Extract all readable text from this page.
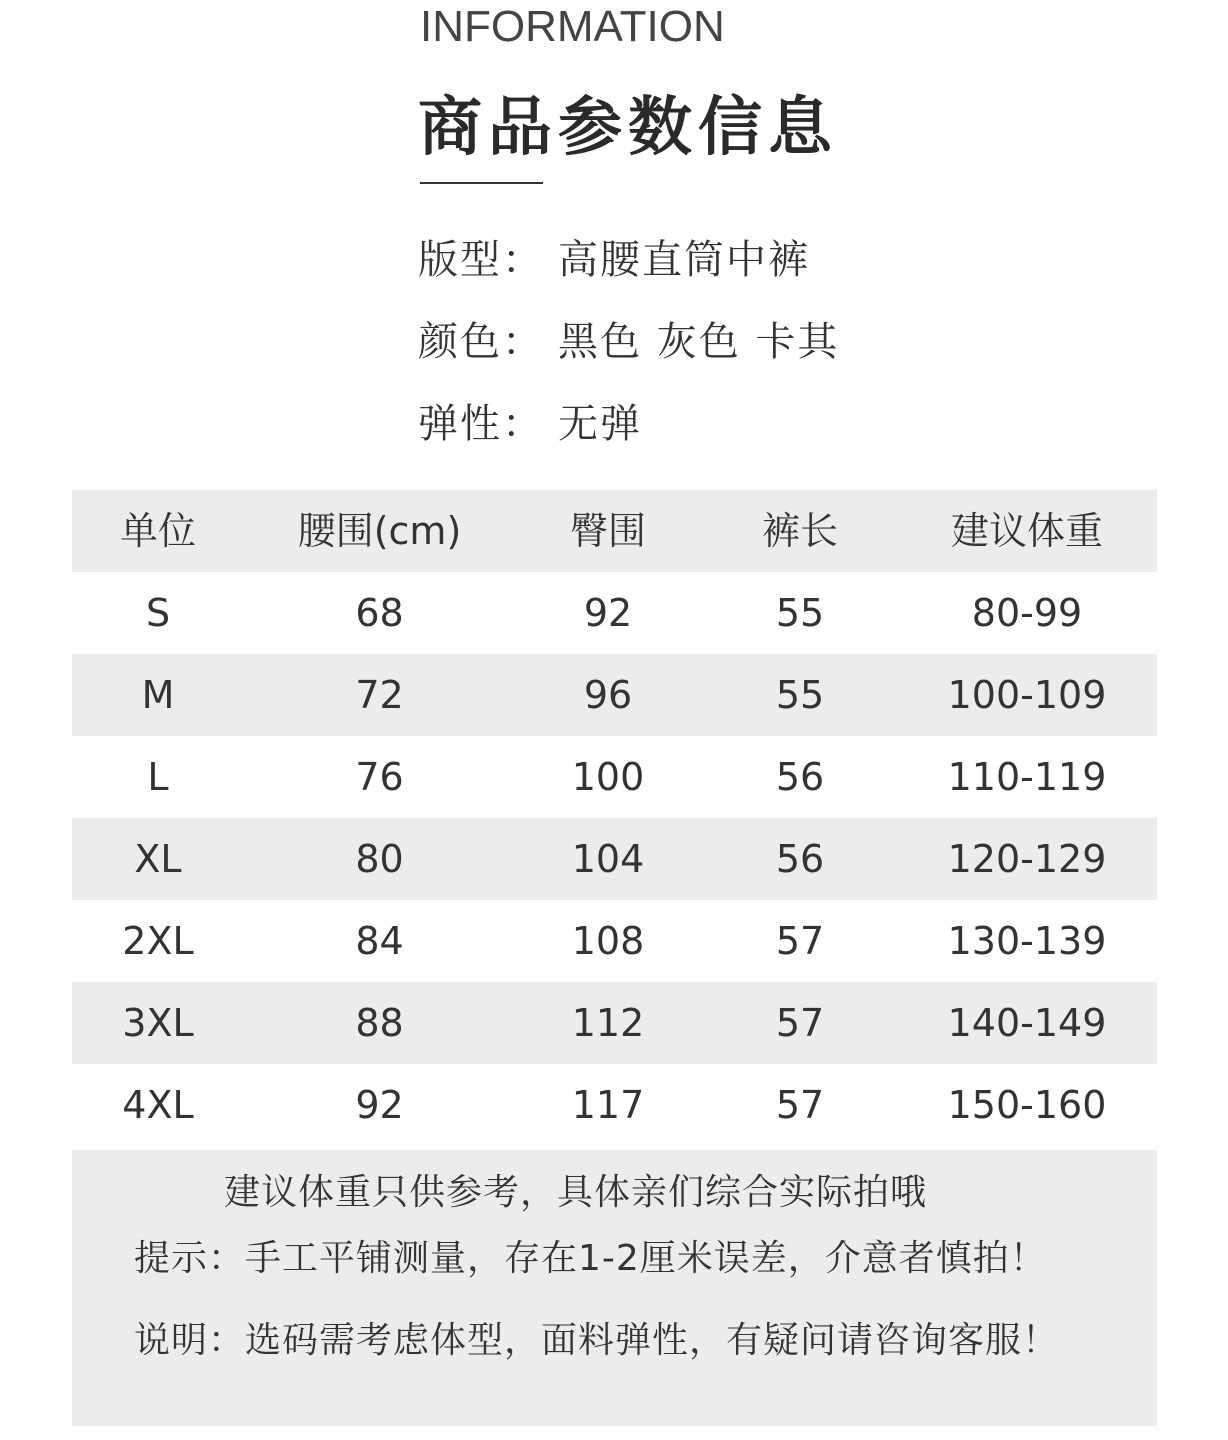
INFORMATION
商品参数信息
版型： 高腰直筒中裤
颜色： 黑色 灰色 卡其
弹性： 无弹
单位	腰围(cm)	臀围	裤长	建议体重
S	68	92	55	80-99
M	72	96	55	100-109
L	76	100	56	110-119
XL	80	104	56	120-129
2XL	84	108	57	130-139
3XL	88	112	57	140-149
4XL	92	117	57	150-160
建议体重只供参考，具体亲们综合实际拍哦
提示：手工平铺测量，存在1-2厘米误差，介意者慎拍！
说明：选码需考虑体型，面料弹性，有疑问请咨询客服！
